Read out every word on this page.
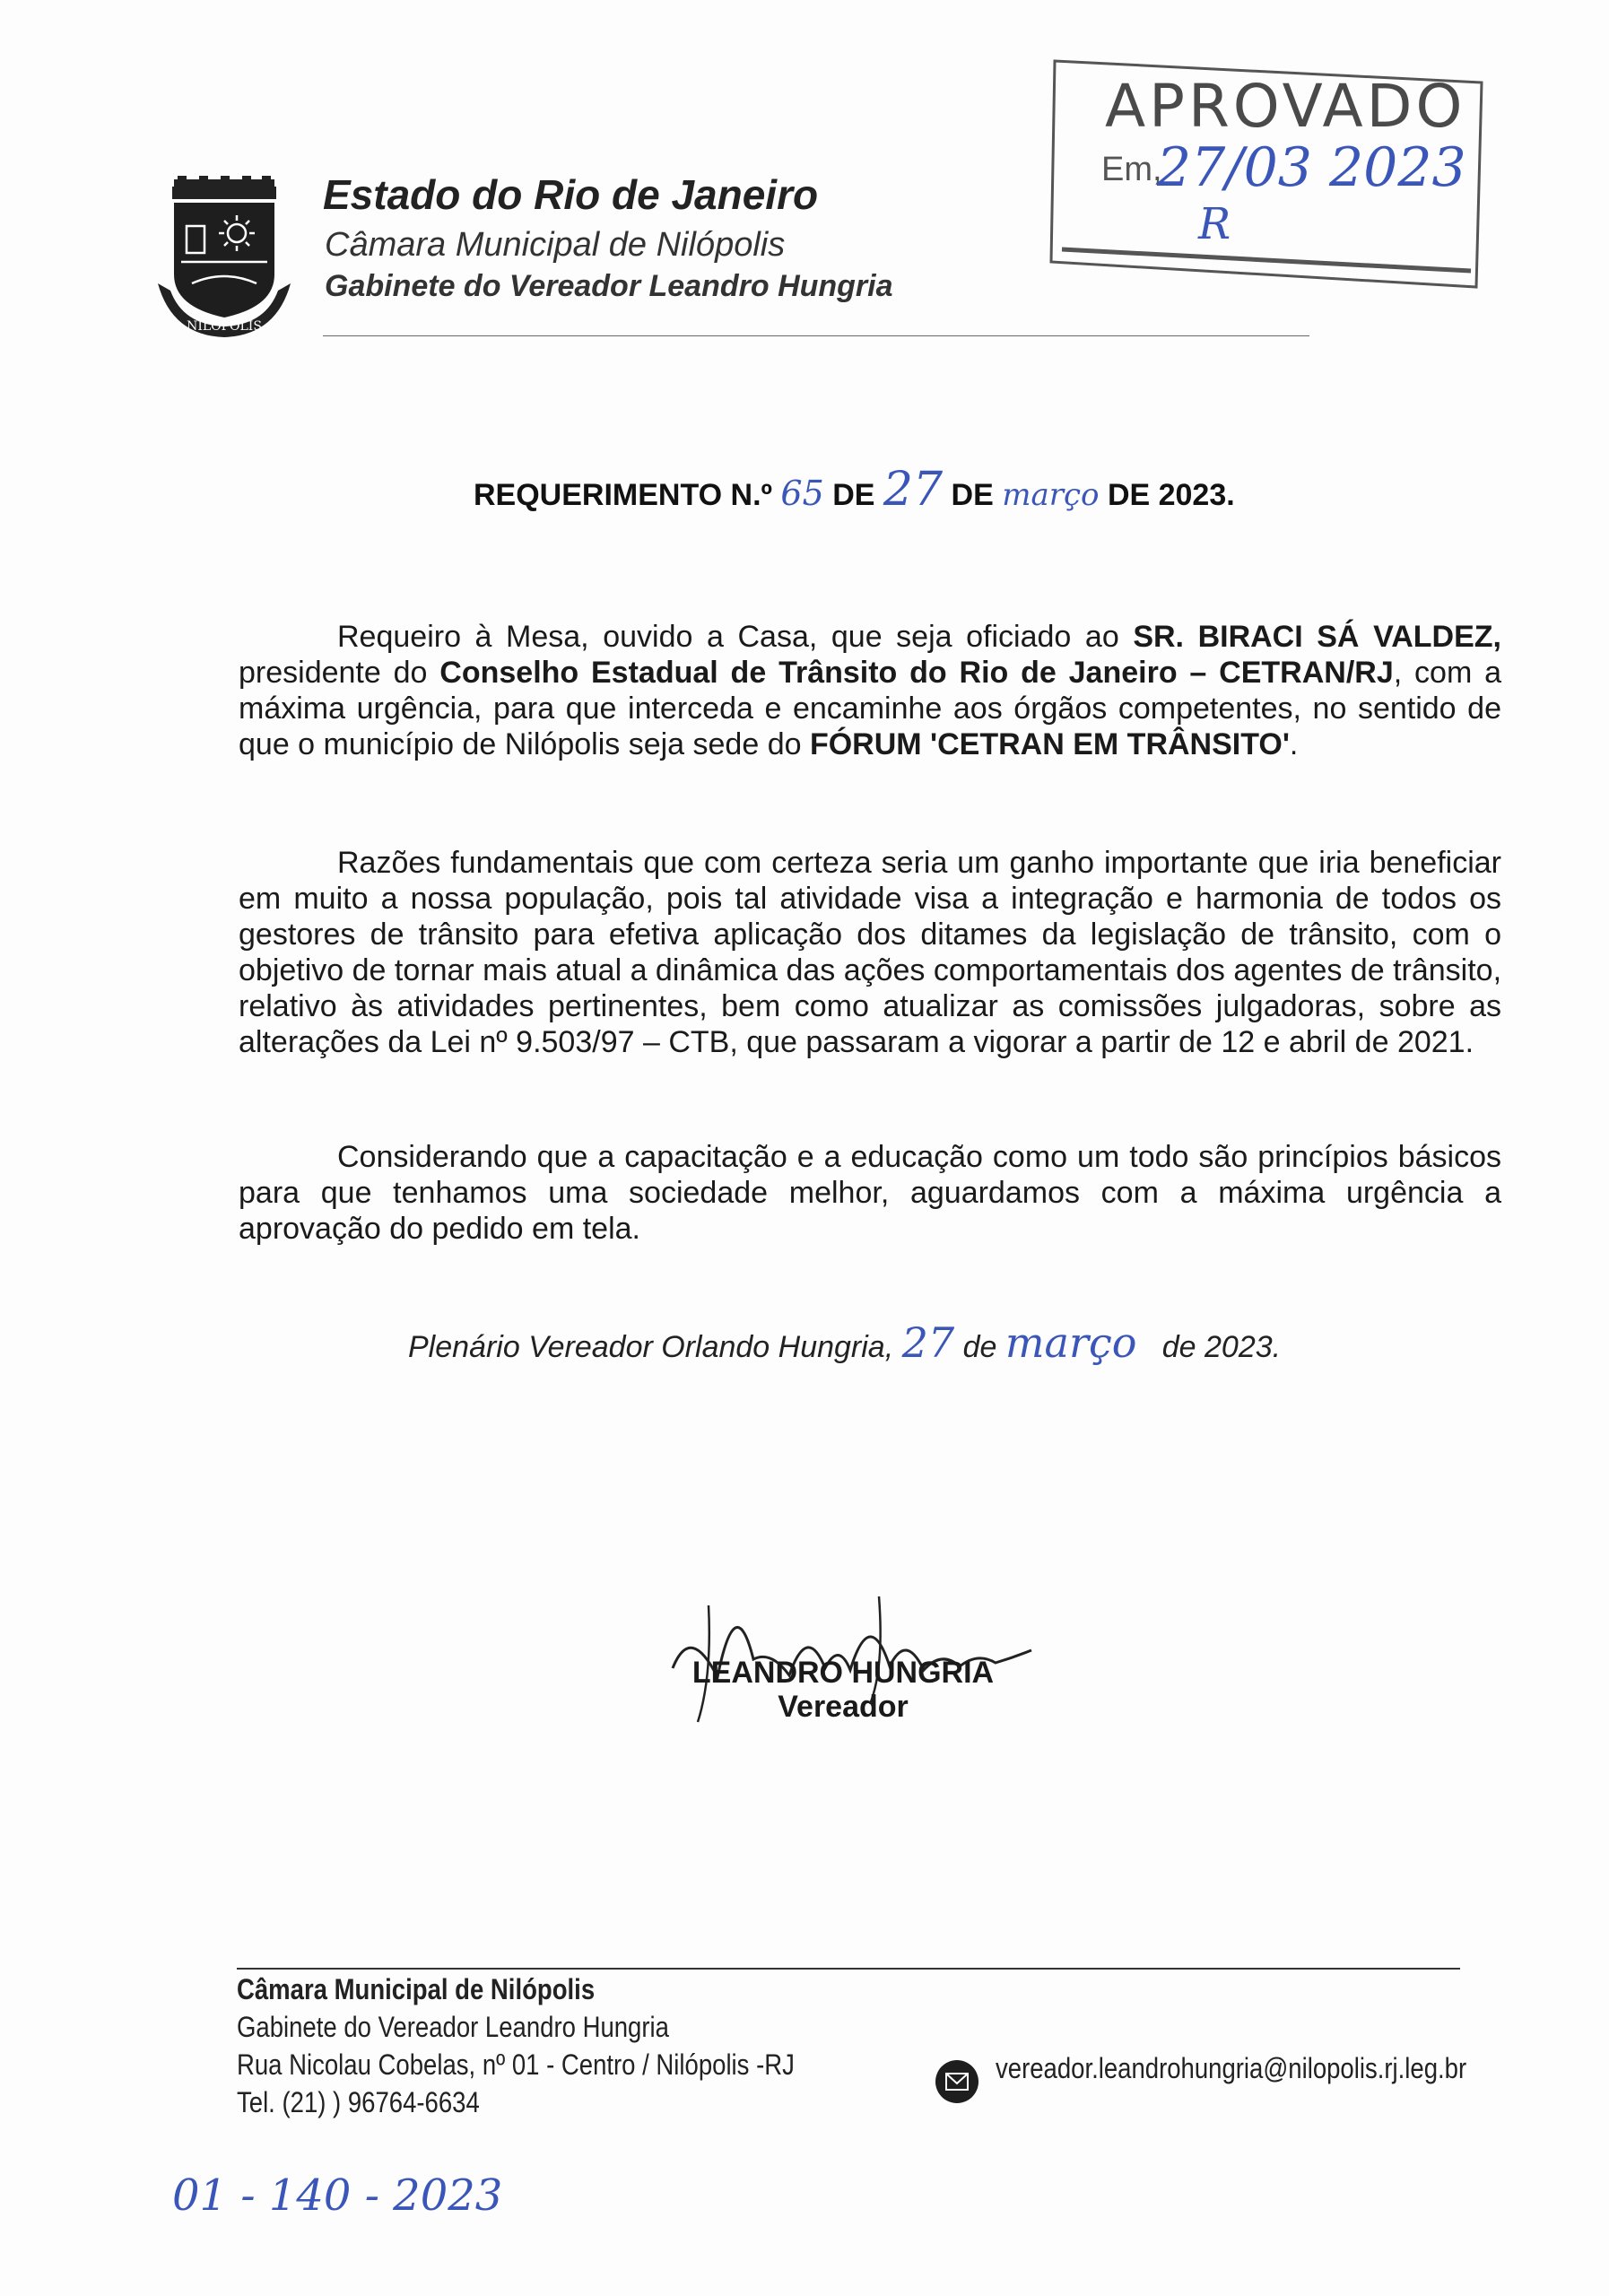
NILOPOLIS
Estado do Rio de Janeiro
Câmara Municipal de Nilópolis
Gabinete do Vereador Leandro Hungria
APROVADO
Em,
27/03 2023
R
REQUERIMENTO N.º 65 DE 27 DE março DE 2023.

Requeiro à Mesa, ouvido a Casa, que seja oficiado ao SR. BIRACI SÁ VALDEZ, presidente do Conselho Estadual de Trânsito do Rio de Janeiro – CETRAN/RJ, com a máxima urgência, para que interceda e encaminhe aos órgãos competentes, no sentido de que o município de Nilópolis seja sede do FÓRUM 'CETRAN EM TRÂNSITO'.

Razões fundamentais que com certeza seria um ganho importante que iria beneficiar em muito a nossa população, pois tal atividade visa a integração e harmonia de todos os gestores de trânsito para efetiva aplicação dos ditames da legislação de trânsito, com o objetivo de tornar mais atual a dinâmica das ações comportamentais dos agentes de trânsito, relativo às atividades pertinentes, bem como atualizar as comissões julgadoras, sobre as alterações da Lei nº 9.503/97 – CTB, que passaram a vigorar a partir de 12 e abril de 2021.

Considerando que a capacitação e a educação como um todo são princípios básicos para que tenhamos uma sociedade melhor, aguardamos com a máxima urgência a aprovação do pedido em tela.

Plenário Vereador Orlando Hungria, 27 de março de 2023.
LEANDRO HUNGRIA
Vereador
Câmara Municipal de Nilópolis
Gabinete do Vereador Leandro Hungria
Rua Nicolau Cobelas, nº 01 - Centro / Nilópolis -RJ
Tel. (21) ) 96764-6634
vereador.leandrohungria@nilopolis.rj.leg.br
01 - 140 - 2023
